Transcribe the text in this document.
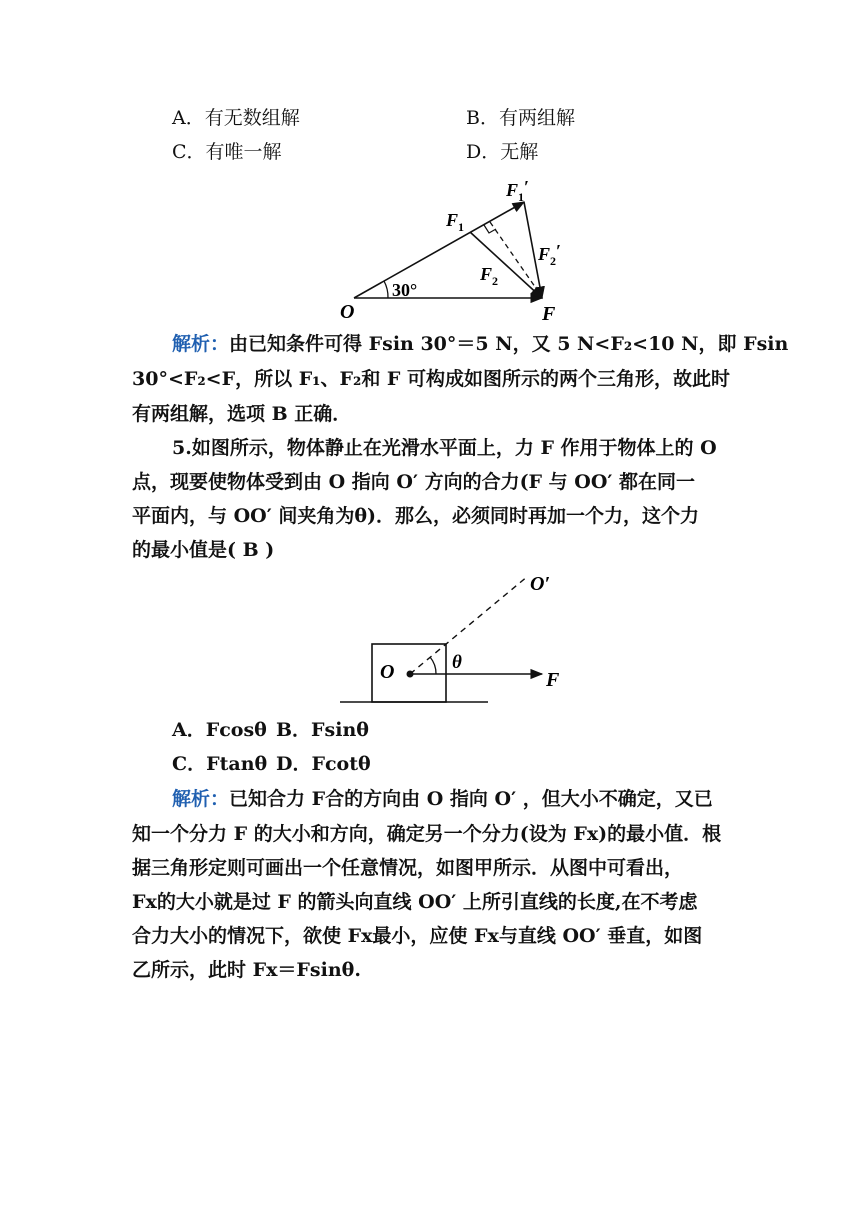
A．有无数组解	B．有两组解
C．有唯一解	D．无解
O	F
30°
$F_1$
$F_1'$
$F_2$
$F_2'$
解析：由已知条件可得 Fsin 30°＝5 N，又 5 N<F₂<10 N，即 Fsin
30°<F₂<F，所以 F₁、F₂和 F 可构成如图所示的两个三角形，故此时
有两组解，选项 B 正确．
5.如图所示，物体静止在光滑水平面上，力 F 作用于物体上的 O
点，现要使物体受到由 O 指向 O′ 方向的合力(F 与 OO′ 都在同一
平面内，与 OO′ 间夹角为θ)．那么，必须同时再加一个力，这个力
的最小值是( B )
O
O′
θ
F
A．Fcosθ B．Fsinθ
C．Ftanθ D．Fcotθ
解析：已知合力 F合的方向由 O 指向 O′ ，但大小不确定，又已
知一个分力 F 的大小和方向，确定另一个分力(设为 Fx)的最小值．根
据三角形定则可画出一个任意情况，如图甲所示．从图中可看出，
Fx的大小就是过 F 的箭头向直线 OO′ 上所引直线的长度,在不考虑
合力大小的情况下，欲使 Fx最小，应使 Fx与直线 OO′ 垂直，如图
乙所示，此时 Fx＝Fsinθ.
